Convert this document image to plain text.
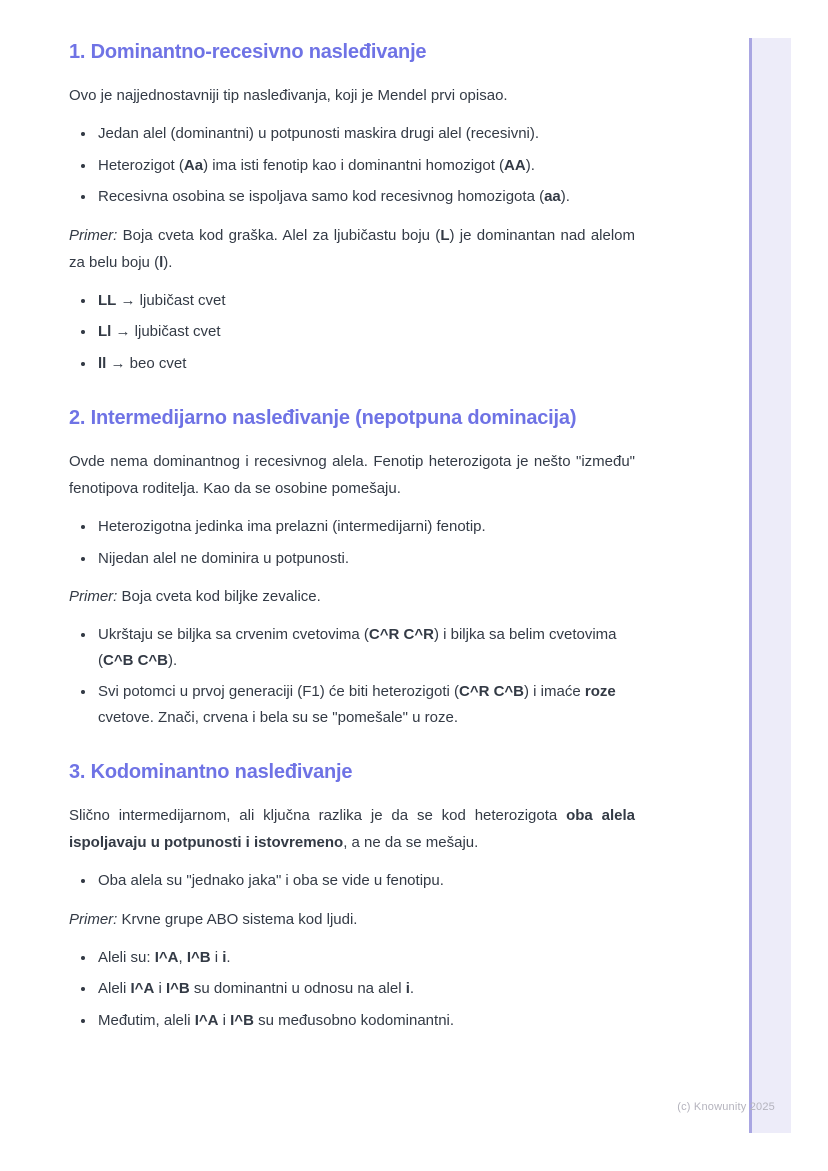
1. Dominantno-recesivno nasleđivanje

Ovo je najjednostavniji tip nasleđivanja, koji je Mendel prvi opisao.

• Jedan alel (dominantni) u potpunosti maskira drugi alel (recesivni).
• Heterozigot (Aa) ima isti fenotip kao i dominantni homozigot (AA).
• Recesivna osobina se ispoljava samo kod recesivnog homozigota (aa).

Primer: Boja cveta kod graška. Alel za ljubičastu boju (L) je dominantan nad alelom za belu boju (l).

• LL → ljubičast cvet
• Ll → ljubičast cvet
• ll → beo cvet
2. Intermedijarno nasleđivanje (nepotpuna dominacija)

Ovde nema dominantnog i recesivnog alela. Fenotip heterozigota je nešto "između" fenotipova roditelja. Kao da se osobine pomešaju.

• Heterozigotna jedinka ima prelazni (intermedijarni) fenotip.
• Nijedan alel ne dominira u potpunosti.

Primer: Boja cveta kod biljke zevalice.

• Ukrštaju se biljka sa crvenim cvetovima (C^R C^R) i biljka sa belim cvetovima (C^B C^B).
• Svi potomci u prvoj generaciji (F1) će biti heterozigoti (C^R C^B) i imaće roze cvetove. Znači, crvena i bela su se "pomešale" u roze.
3. Kodominantno nasleđivanje

Slično intermedijarnom, ali ključna razlika je da se kod heterozigota oba alela ispoljavaju u potpunosti i istovremeno, a ne da se mešaju.

• Oba alela su "jednako jaka" i oba se vide u fenotipu.

Primer: Krvne grupe ABO sistema kod ljudi.

• Aleli su: I^A, I^B i i.
• Aleli I^A i I^B su dominantni u odnosu na alel i.
• Međutim, aleli I^A i I^B su međusobno kodominantni.
(c) Knowunity 2025
